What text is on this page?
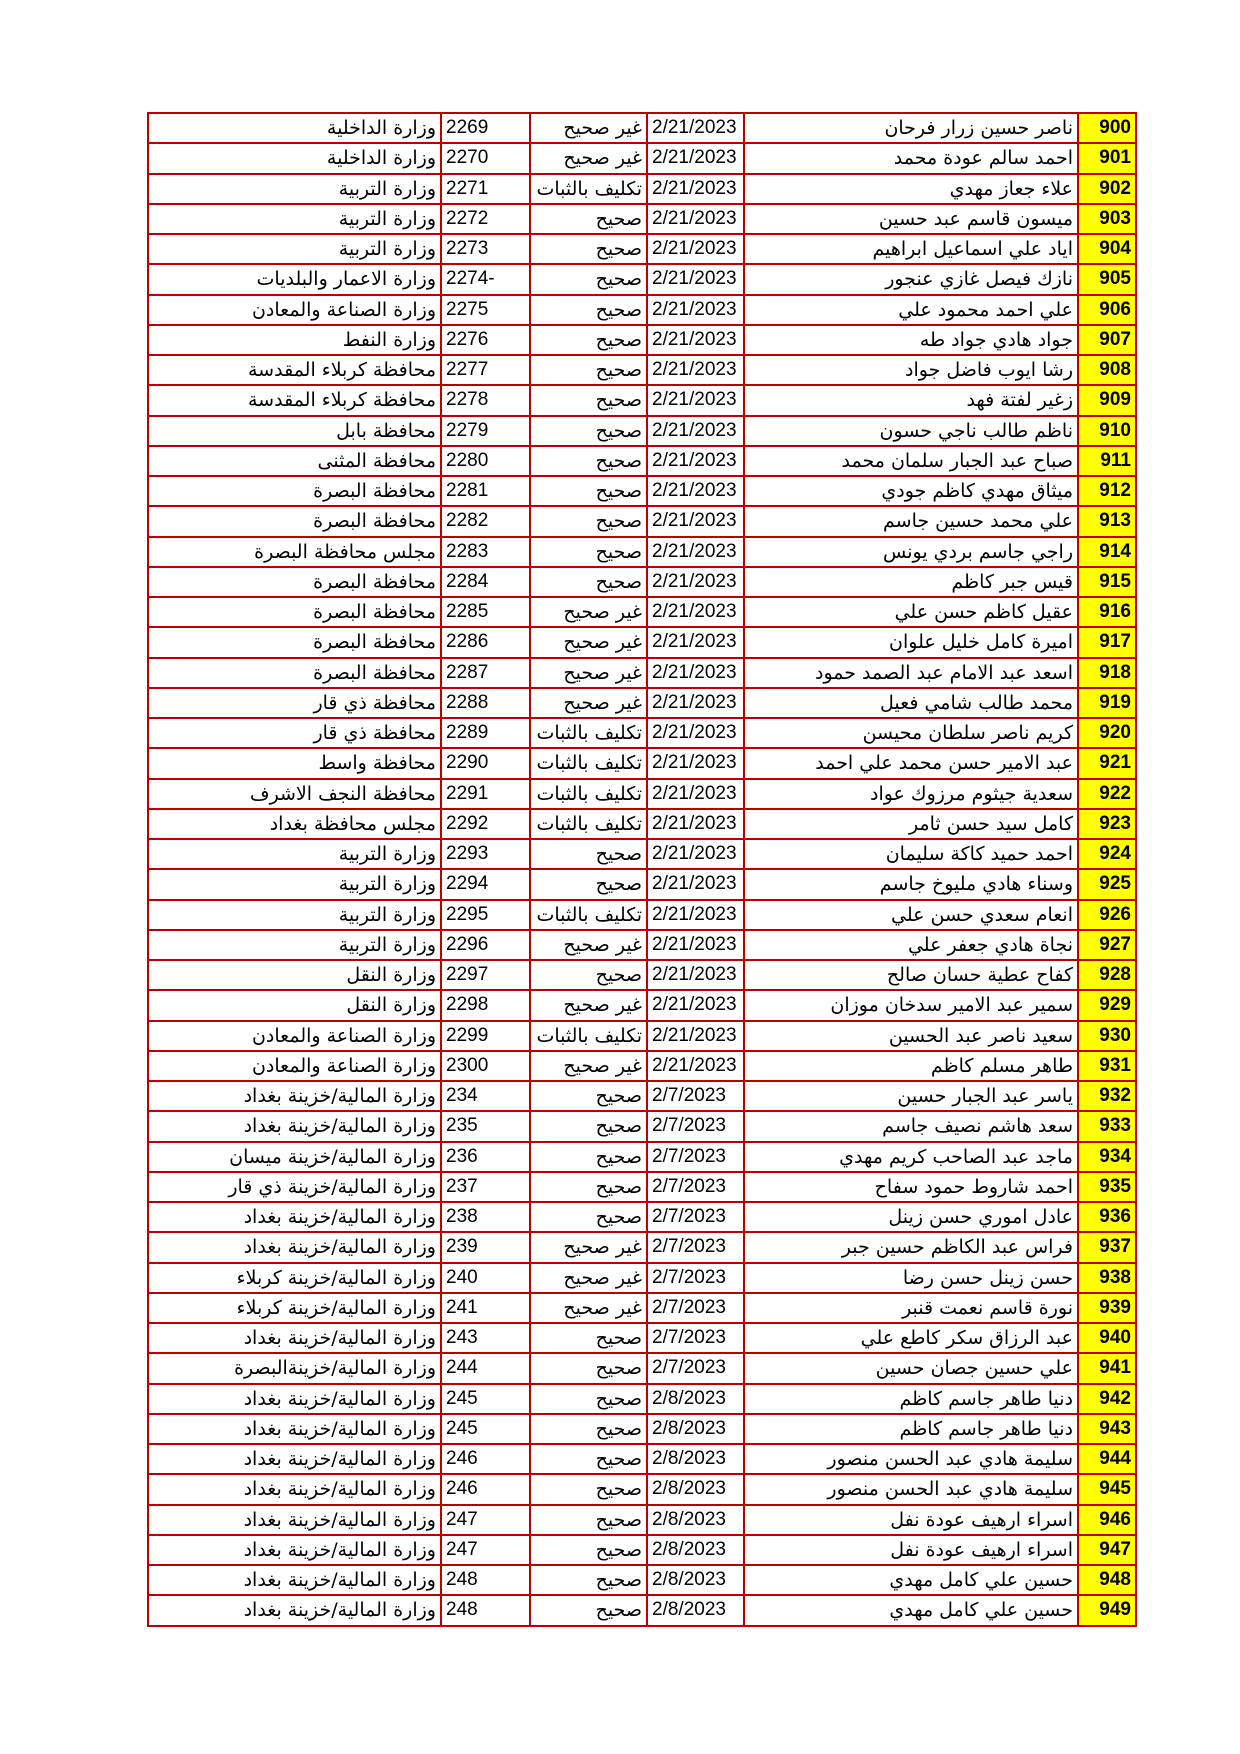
وزارة الداخلية	2269	غير صحيح	2/21/2023	ناصر حسين زرار فرحان	900
وزارة الداخلية	2270	غير صحيح	2/21/2023	احمد سالم عودة محمد	901
وزارة التربية	2271	تكليف بالثبات	2/21/2023	علاء جعاز مهدي	902
وزارة التربية	2272	صحيح	2/21/2023	ميسون قاسم عبد حسين	903
وزارة التربية	2273	صحيح	2/21/2023	اياد علي اسماعيل ابراهيم	904
وزارة الاعمار والبلديات	2274-	صحيح	2/21/2023	نازك فيصل غازي عنجور	905
وزارة الصناعة والمعادن	2275	صحيح	2/21/2023	علي احمد محمود علي	906
وزارة النفط	2276	صحيح	2/21/2023	جواد هادي جواد طه	907
محافظة كربلاء المقدسة	2277	صحيح	2/21/2023	رشا ايوب فاضل جواد	908
محافظة كربلاء المقدسة	2278	صحيح	2/21/2023	زغير لفتة فهد	909
محافظة بابل	2279	صحيح	2/21/2023	ناظم طالب ناجي حسون	910
محافظة المثنى	2280	صحيح	2/21/2023	صباح عبد الجبار سلمان محمد	911
محافظة البصرة	2281	صحيح	2/21/2023	ميثاق مهدي كاظم جودي	912
محافظة البصرة	2282	صحيح	2/21/2023	علي محمد حسين جاسم	913
مجلس محافظة البصرة	2283	صحيح	2/21/2023	راجي جاسم بردي يونس	914
محافظة البصرة	2284	صحيح	2/21/2023	قيس جبر كاظم	915
محافظة البصرة	2285	غير صحيح	2/21/2023	عقيل كاظم حسن علي	916
محافظة البصرة	2286	غير صحيح	2/21/2023	اميرة كامل خليل علوان	917
محافظة البصرة	2287	غير صحيح	2/21/2023	اسعد عبد الامام عبد الصمد حمود	918
محافظة ذي قار	2288	غير صحيح	2/21/2023	محمد طالب شامي فعيل	919
محافظة ذي قار	2289	تكليف بالثبات	2/21/2023	كريم ناصر سلطان محيسن	920
محافظة واسط	2290	تكليف بالثبات	2/21/2023	عبد الامير حسن محمد علي احمد	921
محافظة النجف الاشرف	2291	تكليف بالثبات	2/21/2023	سعدية جيثوم مرزوك عواد	922
مجلس محافظة بغداد	2292	تكليف بالثبات	2/21/2023	كامل سيد حسن ثامر	923
وزارة التربية	2293	صحيح	2/21/2023	احمد حميد كاكة سليمان	924
وزارة التربية	2294	صحيح	2/21/2023	وسناء هادي مليوخ جاسم	925
وزارة التربية	2295	تكليف بالثبات	2/21/2023	انعام سعدي حسن علي	926
وزارة التربية	2296	غير صحيح	2/21/2023	نجاة هادي جعفر علي	927
وزارة النقل	2297	صحيح	2/21/2023	كفاح عطية حسان صالح	928
وزارة النقل	2298	غير صحيح	2/21/2023	سمير عبد الامير سدخان موزان	929
وزارة الصناعة والمعادن	2299	تكليف بالثبات	2/21/2023	سعيد ناصر عبد الحسين	930
وزارة الصناعة والمعادن	2300	غير صحيح	2/21/2023	طاهر مسلم كاظم	931
وزارة المالية/خزينة بغداد	234	صحيح	2/7/2023	ياسر عبد الجبار حسين	932
وزارة المالية/خزينة بغداد	235	صحيح	2/7/2023	سعد هاشم نصيف جاسم	933
وزارة المالية/خزينة ميسان	236	صحيح	2/7/2023	ماجد عبد الصاحب كريم مهدي	934
وزارة المالية/خزينة ذي قار	237	صحيح	2/7/2023	احمد شاروط حمود سفاح	935
وزارة المالية/خزينة بغداد	238	صحيح	2/7/2023	عادل اموري حسن زينل	936
وزارة المالية/خزينة بغداد	239	غير صحيح	2/7/2023	فراس عبد الكاظم حسين جبر	937
وزارة المالية/خزينة كربلاء	240	غير صحيح	2/7/2023	حسن زينل حسن رضا	938
وزارة المالية/خزينة كربلاء	241	غير صحيح	2/7/2023	نورة قاسم نعمت قنبر	939
وزارة المالية/خزينة بغداد	243	صحيح	2/7/2023	عبد الرزاق سكر كاطع علي	940
وزارة المالية/خزينةالبصرة	244	صحيح	2/7/2023	علي حسين جصان حسين	941
وزارة المالية/خزينة بغداد	245	صحيح	2/8/2023	دنيا طاهر جاسم كاظم	942
وزارة المالية/خزينة بغداد	245	صحيح	2/8/2023	دنيا طاهر جاسم كاظم	943
وزارة المالية/خزينة بغداد	246	صحيح	2/8/2023	سليمة هادي عبد الحسن منصور	944
وزارة المالية/خزينة بغداد	246	صحيح	2/8/2023	سليمة هادي عبد الحسن منصور	945
وزارة المالية/خزينة بغداد	247	صحيح	2/8/2023	اسراء ارهيف عودة نفل	946
وزارة المالية/خزينة بغداد	247	صحيح	2/8/2023	اسراء ارهيف عودة نفل	947
وزارة المالية/خزينة بغداد	248	صحيح	2/8/2023	حسين علي كامل مهدي	948
وزارة المالية/خزينة بغداد	248	صحيح	2/8/2023	حسين علي كامل مهدي	949
